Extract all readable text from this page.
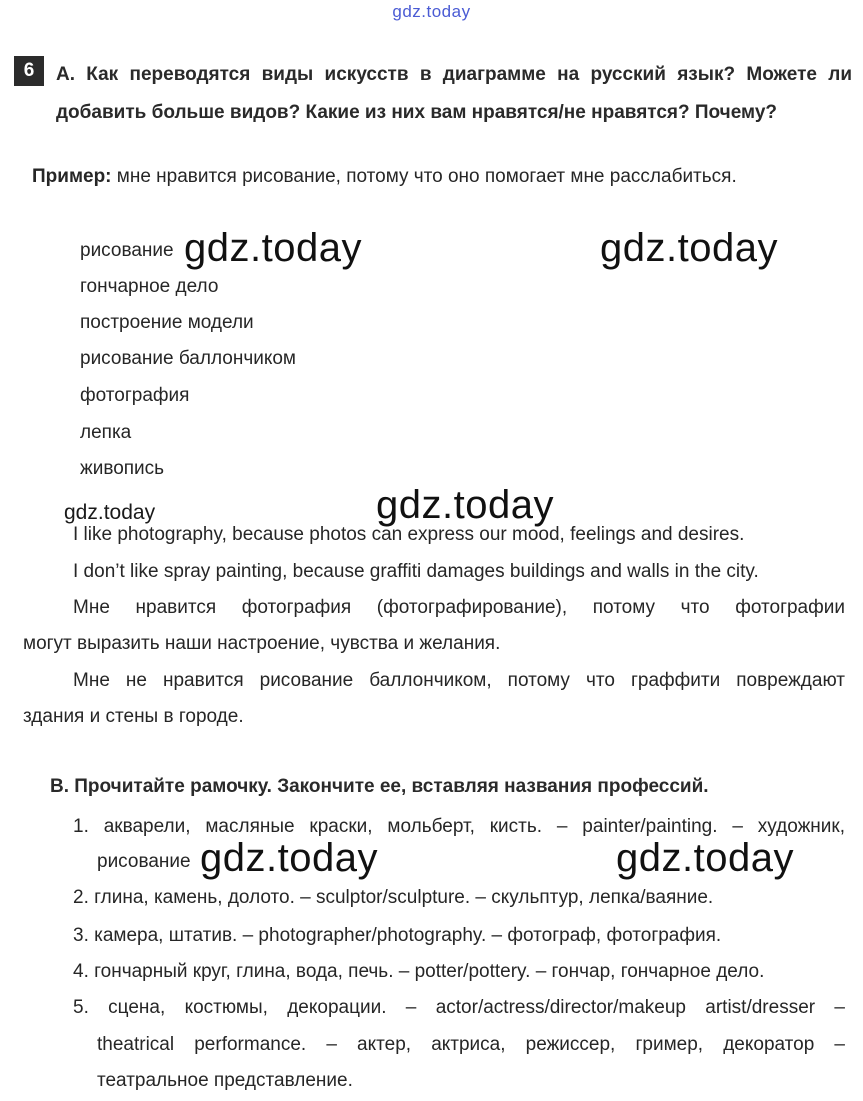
gdz.today
6	A. Как переводятся виды искусств в диаграмме на русский язык? Можете ли добавить больше видов? Какие из них вам нравятся/не нравятся? Почему?
Пример: мне нравится рисование, потому что оно помогает мне расслабиться.
рисование
гончарное дело
построение модели
рисование баллончиком
фотография
лепка
живопись
gdz.today	gdz.today
gdz.today	gdz.today
I like photography, because photos can express our mood, feelings and desires.
I don’t like spray painting, because graffiti damages buildings and walls in the city.
Мне нравится фотография (фотографирование), потому что фотографии
могут выразить наши настроение, чувства и желания.
Мне не нравится рисование баллончиком, потому что граффити повреждают
здания и стены в городе.
B. Прочитайте рамочку. Закончите ее, вставляя названия профессий.
1. акварели, масляные краски, мольберт, кисть. – painter/painting. – художник,
рисование gdz.today	gdz.today
2. глина, камень, долото. – sculptor/sculpture. – скульптур, лепка/ваяние.
3. камера, штатив. – photographer/photography. – фотограф, фотография.
4. гончарный круг, глина, вода, печь. – potter/pottery. – гончар, гончарное дело.
5. сцена, костюмы, декорации. – actor/actress/director/makeup artist/dresser –
theatrical performance. – актер, актриса, режиссер, гример, декоратор –
театральное представление.
